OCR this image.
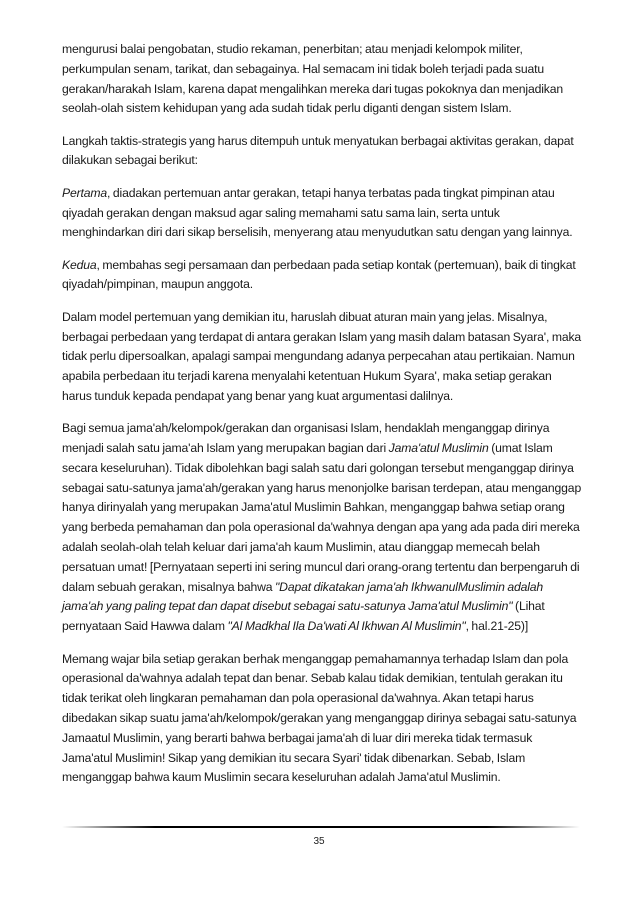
mengurusi balai pengobatan, studio rekaman, penerbitan; atau menjadi kelompok militer, perkumpulan senam, tarikat, dan sebagainya. Hal semacam ini tidak boleh terjadi pada suatu gerakan/harakah Islam, karena dapat mengalihkan mereka dari tugas pokoknya dan menjadikan seolah-olah sistem kehidupan yang ada sudah tidak perlu diganti dengan sistem Islam.

Langkah taktis-strategis yang harus ditempuh untuk menyatukan berbagai aktivitas gerakan, dapat dilakukan sebagai berikut:

Pertama, diadakan pertemuan antar gerakan, tetapi hanya terbatas pada tingkat pimpinan atau qiyadah gerakan dengan maksud agar saling memahami satu sama lain, serta untuk menghindarkan diri dari sikap berselisih, menyerang atau menyudutkan satu dengan yang lainnya.

Kedua, membahas segi persamaan dan perbedaan pada setiap kontak (pertemuan), baik di tingkat qiyadah/pimpinan, maupun anggota.

Dalam model pertemuan yang demikian itu, haruslah dibuat aturan main yang jelas. Misalnya, berbagai perbedaan yang terdapat di antara gerakan Islam yang masih dalam batasan Syara', maka tidak perlu dipersoalkan, apalagi sampai mengundang adanya perpecahan atau pertikaian. Namun apabila perbedaan itu terjadi karena menyalahi ketentuan Hukum Syara', maka setiap gerakan harus tunduk kepada pendapat yang benar yang kuat argumentasi dalilnya.

Bagi semua jama'ah/kelompok/gerakan dan organisasi Islam, hendaklah menganggap dirinya menjadi salah satu jama'ah Islam yang merupakan bagian dari Jama'atul Muslimin (umat Islam secara keseluruhan). Tidak dibolehkan bagi salah satu dari golongan tersebut menganggap dirinya sebagai satu-satunya jama'ah/gerakan yang harus menonjolke barisan terdepan, atau menganggap hanya dirinyalah yang merupakan Jama'atul Muslimin Bahkan, menganggap bahwa setiap orang yang berbeda pemahaman dan pola operasional da'wahnya dengan apa yang ada pada diri mereka adalah seolah-olah telah keluar dari jama'ah kaum Muslimin, atau dianggap memecah belah persatuan umat! [Pernyataan seperti ini sering muncul dari orang-orang tertentu dan berpengaruh di dalam sebuah gerakan, misalnya bahwa "Dapat dikatakan jama'ah IkhwanulMuslimin adalah jama'ah yang paling tepat dan dapat disebut sebagai satu-satunya Jama'atul Muslimin" (Lihat pernyataan Said Hawwa dalam "Al Madkhal Ila Da'wati Al Ikhwan Al Muslimin", hal.21-25)]

Memang wajar bila setiap gerakan berhak menganggap pemahamannya terhadap Islam dan pola operasional da'wahnya adalah tepat dan benar. Sebab kalau tidak demikian, tentulah gerakan itu tidak terikat oleh lingkaran pemahaman dan pola operasional da'wahnya. Akan tetapi harus dibedakan sikap suatu jama'ah/kelompok/gerakan yang menganggap dirinya sebagai satu-satunya Jamaatul Muslimin, yang berarti bahwa berbagai jama'ah di luar diri mereka tidak termasuk Jama'atul Muslimin! Sikap yang demikian itu secara Syari' tidak dibenarkan. Sebab, Islam menganggap bahwa kaum Muslimin secara keseluruhan adalah Jama'atul Muslimin.

35
